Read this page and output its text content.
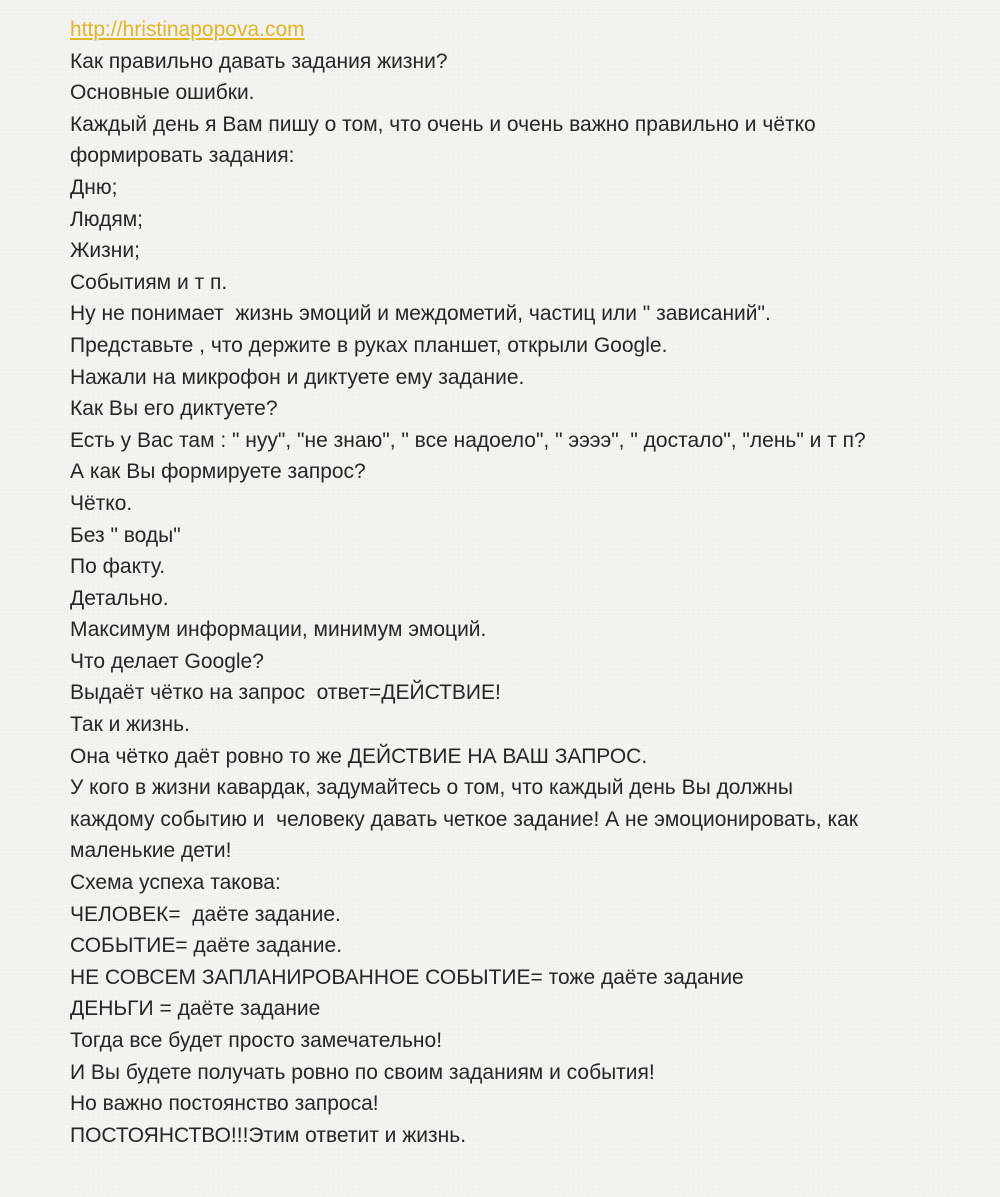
http://hristinapopova.com
Как правильно давать задания жизни?
Основные ошибки.
Каждый день я Вам пишу о том, что очень и очень важно правильно и чётко
формировать задания:
Дню;
Людям;
Жизни;
Событиям и т п.
Ну не понимает  жизнь эмоций и междометий, частиц или " зависаний".
Представьте , что держите в руках планшет, открыли Google.
Нажали на микрофон и диктуете ему задание.
Как Вы его диктуете?
Есть у Вас там : " нуу", "не знаю", " все надоело", " ээээ", " достало", "лень" и т п?
А как Вы формируете запрос?
Чётко.
Без " воды"
По факту.
Детально.
Максимум информации, минимум эмоций.
Что делает Google?
Выдаёт чётко на запрос  ответ=ДЕЙСТВИЕ!
Так и жизнь.
Она чётко даёт ровно то же ДЕЙСТВИЕ НА ВАШ ЗАПРОС.
У кого в жизни кавардак, задумайтесь о том, что каждый день Вы должны
каждому событию и  человеку давать четкое задание! А не эмоционировать, как
маленькие дети!
Схема успеха такова:
ЧЕЛОВЕК=  даёте задание.
СОБЫТИЕ= даёте задание.
НЕ СОВСЕМ ЗАПЛАНИРОВАННОЕ СОБЫТИЕ= тоже даёте задание
ДЕНЬГИ = даёте задание
Тогда все будет просто замечательно!
И Вы будете получать ровно по своим заданиям и события!
Но важно постоянство запроса!
ПОСТОЯНСТВО!!!Этим ответит и жизнь.
